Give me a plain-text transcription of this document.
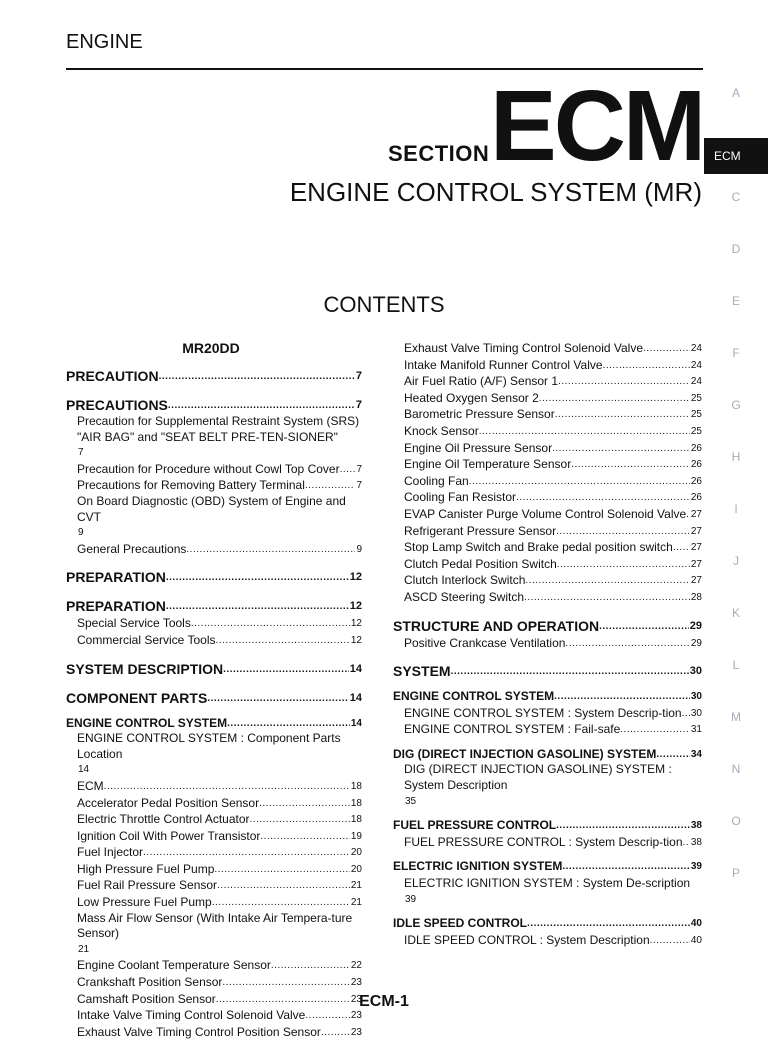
ENGINE
SECTION ECM
ENGINE CONTROL SYSTEM (MR)
A
ECM
C
D
E
F
G
H
I
J
K
L
M
N
O
P
CONTENTS
MR20DD
PRECAUTION .....	7
PRECAUTIONS .....	7
Precaution for Supplemental Restraint System (SRS) "AIR BAG" and "SEAT BELT PRE-TEN-SIONER"
7
Precaution for Procedure without Cowl Top Cover ..... 7
Precautions for Removing Battery Terminal .....	7
On Board Diagnostic (OBD) System of Engine and CVT
9
General Precautions .....	9
PREPARATION .....	12
PREPARATION .....	12
Special Service Tools .....	12
Commercial Service Tools .....	12
SYSTEM DESCRIPTION .....	14
COMPONENT PARTS .....	14
ENGINE CONTROL SYSTEM .....	14
ENGINE CONTROL SYSTEM : Component Parts Location
14
ECM .....	18
Accelerator Pedal Position Sensor .....	18
Electric Throttle Control Actuator .....	18
Ignition Coil With Power Transistor .....	19
Fuel Injector .....	20
High Pressure Fuel Pump .....	20
Fuel Rail Pressure Sensor .....	21
Low Pressure Fuel Pump .....	21
Mass Air Flow Sensor (With Intake Air Tempera-ture Sensor)
21
Engine Coolant Temperature Sensor .....	22
Crankshaft Position Sensor .....	23
Camshaft Position Sensor .....	23
Intake Valve Timing Control Solenoid Valve .....	23
Exhaust Valve Timing Control Position Sensor .....	23
Exhaust Valve Timing Control Solenoid Valve .....	24
Intake Manifold Runner Control Valve .....	24
Air Fuel Ratio (A/F) Sensor 1 .....	24
Heated Oxygen Sensor 2 .....	25
Barometric Pressure Sensor .....	25
Knock Sensor .....	25
Engine Oil Pressure Sensor .....	26
Engine Oil Temperature Sensor .....	26
Cooling Fan .....	26
Cooling Fan Resistor .....	26
EVAP Canister Purge Volume Control Solenoid Valve ..... 27
Refrigerant Pressure Sensor .....	27
Stop Lamp Switch and Brake pedal position switch ..... 27
Clutch Pedal Position Switch .....	27
Clutch Interlock Switch .....	27
ASCD Steering Switch .....	28
STRUCTURE AND OPERATION .....	29
Positive Crankcase Ventilation .....	29
SYSTEM .....	30
ENGINE CONTROL SYSTEM .....	30
ENGINE CONTROL SYSTEM : System Descrip-tion ..... 30
ENGINE CONTROL SYSTEM : Fail-safe .....	31
DIG (DIRECT INJECTION GASOLINE) SYSTEM .....	34
DIG (DIRECT INJECTION GASOLINE) SYSTEM : System Description
35
FUEL PRESSURE CONTROL .....	38
FUEL PRESSURE CONTROL : System Descrip-tion ..... 38
ELECTRIC IGNITION SYSTEM .....	39
ELECTRIC IGNITION SYSTEM : System De-scription
39
IDLE SPEED CONTROL .....	40
IDLE SPEED CONTROL : System Description .....	40
ECM-1
